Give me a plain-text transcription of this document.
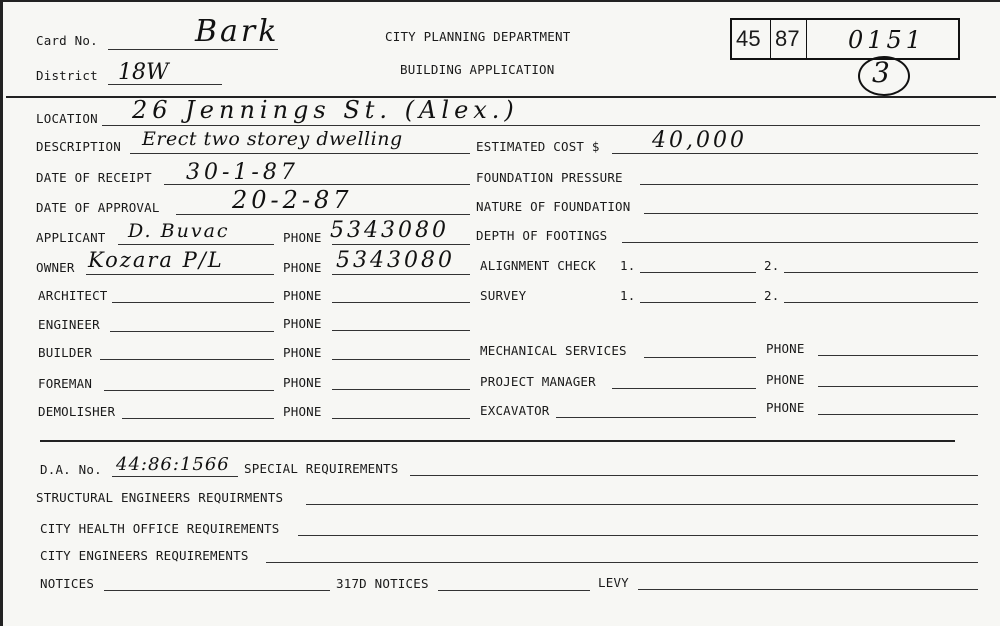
Card No.	Bark
District 18W
CITY PLANNING DEPARTMENT
BUILDING APPLICATION
45 87 0151
3
LOCATION 26 Jennings St. (Alex.)
DESCRIPTION Erect two storey dwelling	ESTIMATED COST $ 40,000
DATE OF RECEIPT 30-1-87	FOUNDATION PRESSURE
DATE OF APPROVAL	20-2-87	NATURE OF FOUNDATION
APPLICANT D. Buvac	PHONE 5343080 DEPTH OF FOOTINGS
OWNER Kozara P/L	PHONE 5343080 ALIGNMENT CHECK 1.	2.
ARCHITECT	PHONE	SURVEY	1.	2.
ENGINEER	PHONE
BUILDER	PHONE	MECHANICAL SERVICES	PHONE
FOREMAN	PHONE	PROJECT MANAGER	PHONE
DEMOLISHER	PHONE	EXCAVATOR	PHONE
D.A. No. 44:86:1566 SPECIAL REQUIREMENTS
STRUCTURAL ENGINEERS REQUIRMENTS
CITY HEALTH OFFICE REQUIREMENTS
CITY ENGINEERS REQUIREMENTS
NOTICES	317D NOTICES	LEVY
